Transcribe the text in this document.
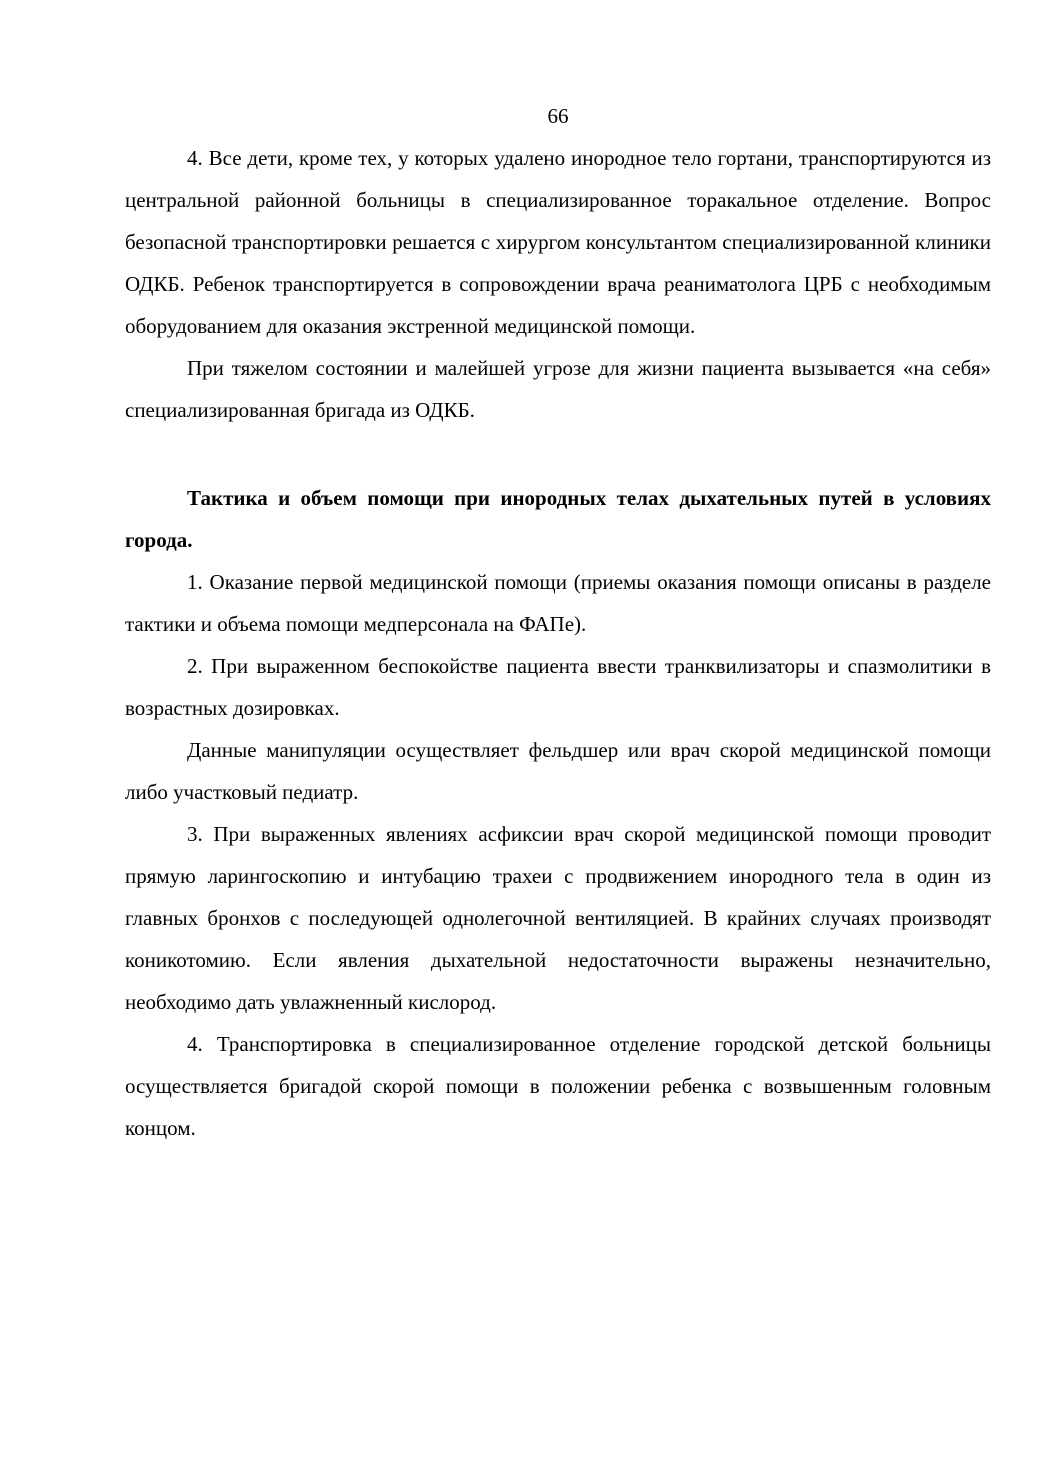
66

4. Все дети, кроме тех, у которых удалено инородное тело гортани, транспортируются из центральной районной больницы в специализированное торакальное отделение. Вопрос безопасной транспортировки решается с хирургом консультантом специализированной клиники ОДКБ. Ребенок транспортируется в сопровождении врача реаниматолога ЦРБ с необходимым оборудованием для оказания экстренной медицинской помощи.

При тяжелом состоянии и малейшей угрозе для жизни пациента вызывается «на себя» специализированная бригада из ОДКБ.

Тактика и объем помощи при инородных телах дыхательных путей в условиях города.

1. Оказание первой медицинской помощи (приемы оказания помощи описаны в разделе тактики и объема помощи медперсонала на ФАПе).

2. При выраженном беспокойстве пациента ввести транквилизаторы и спазмолитики в возрастных дозировках.

Данные манипуляции осуществляет фельдшер или врач скорой медицинской помощи либо участковый педиатр.

3. При выраженных явлениях асфиксии врач скорой медицинской помощи проводит прямую ларингоскопию и интубацию трахеи с продвижением инородного тела в один из главных бронхов с последующей однолегочной вентиляцией. В крайних случаях производят коникотомию. Если явления дыхательной недостаточности выражены незначительно, необходимо дать увлажненный кислород.

4. Транспортировка в специализированное отделение городской детской больницы осуществляется бригадой скорой помощи в положении ребенка с возвышенным головным концом.
